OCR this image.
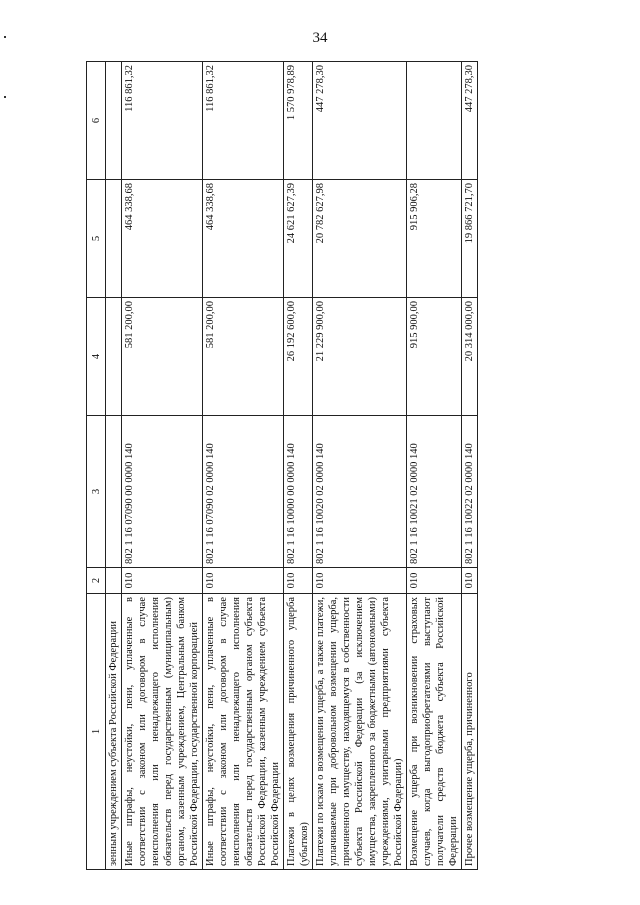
34
1	2	3	4	5	6
зенным учреждением субъекта Российской Федерации					
Иные штрафы, неустойки, пени, уплаченные в соответствии с законом или договором в случае неисполнения или ненадлежащего исполнения обязательств перед государственным (муниципальным) органом, казенным учреждением, Центральным банком Российской Федерации, государственной корпорацией	010	802 1 16 07090 00 0000 140	581 200,00	464 338,68	116 861,32
Иные штрафы, неустойки, пени, уплаченные в соответствии с законом или договором в случае неисполнения или ненадлежащего исполнения обязательств перед государственным органом субъекта Российской Федерации, казенным учреждением субъекта Российской Федерации	010	802 1 16 07090 02 0000 140	581 200,00	464 338,68	116 861,32
Платежи в целях возмещения причиненного ущерба (убытков)	010	802 1 16 10000 00 0000 140	26 192 600,00	24 621 627,39	1 570 978,89
Платежи по искам о возмещении ущерба, а также платежи, уплачиваемые при добровольном возмещении ущерба, причиненного имуществу, находящемуся в собственности субъекта Российской Федерации (за исключением имущества, закрепленного за бюджетными (автономными) учреждениями, унитарными предприятиями субъекта Российской Федерации)	010	802 1 16 10020 02 0000 140	21 229 900,00	20 782 627,98	447 278,30
Возмещение ущерба при возникновении страховых случаев, когда выгодоприобретателями выступают получатели средств бюджета субъекта Российской Федерации	010	802 1 16 10021 02 0000 140	915 900,00	915 906,28	
Прочее возмещение ущерба, причиненного	010	802 1 16 10022 02 0000 140	20 314 000,00	19 866 721,70	447 278,30
